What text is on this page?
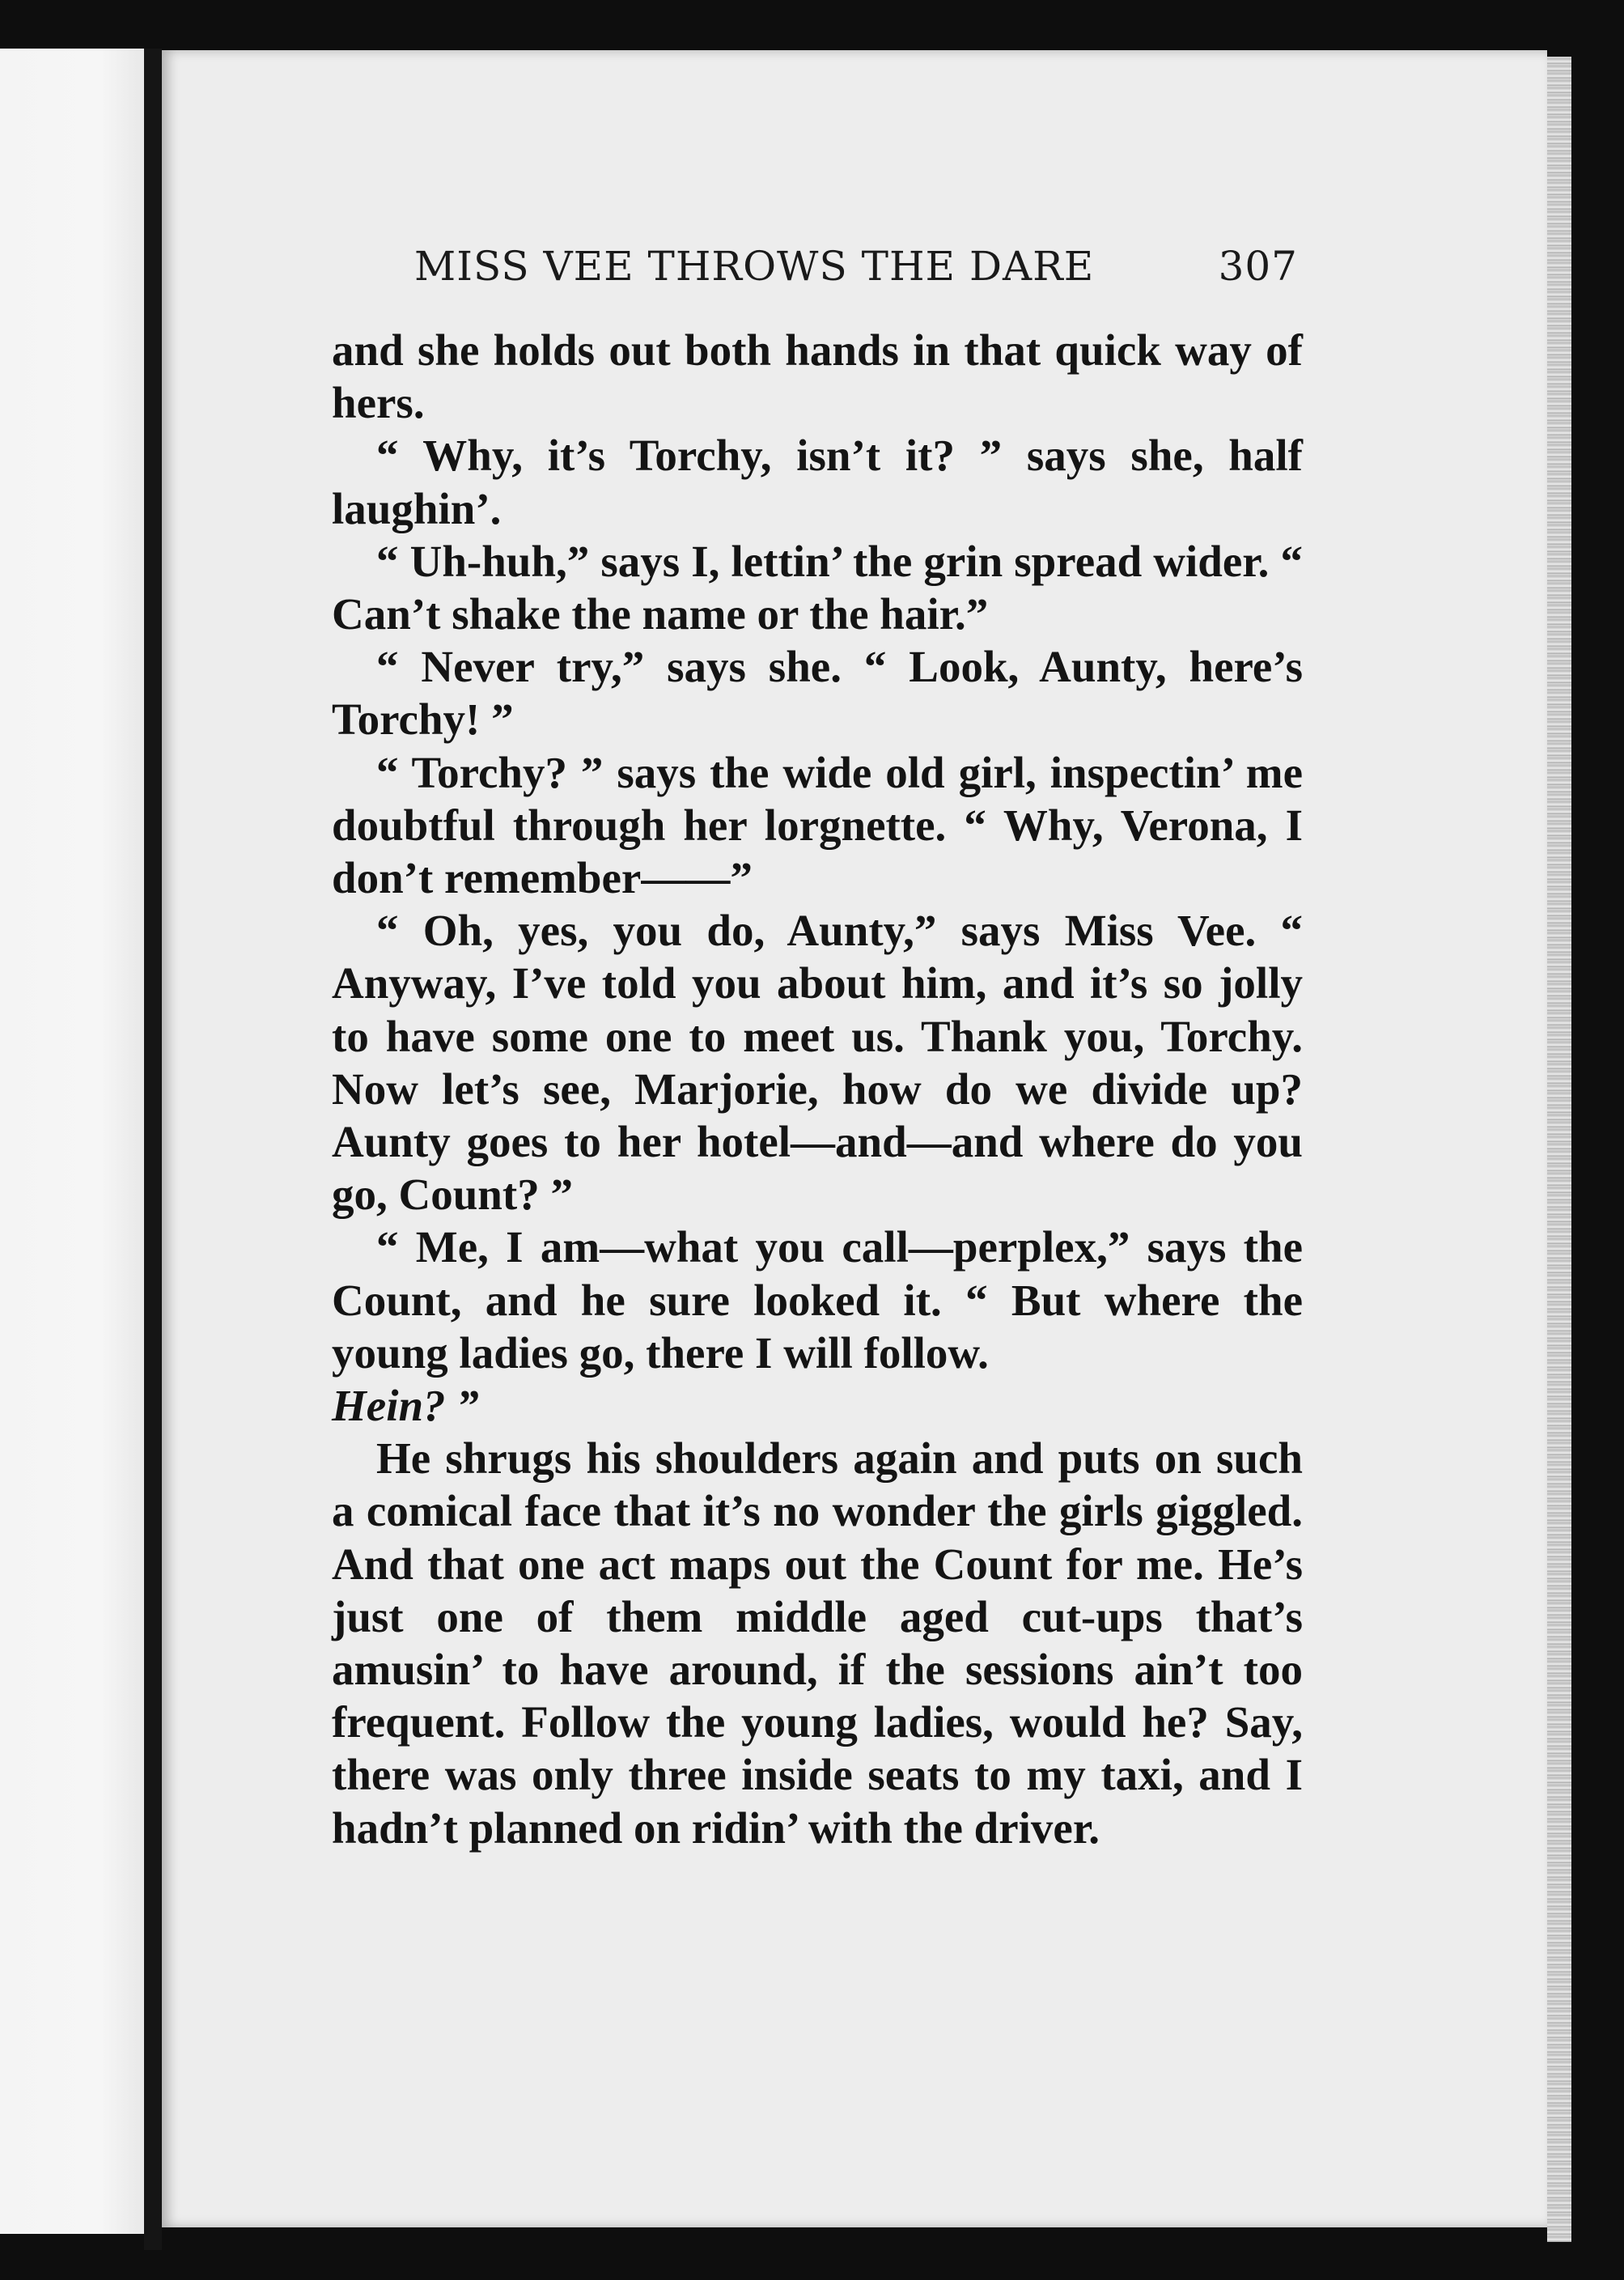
MISS VEE THROWS THE DARE	307

and she holds out both hands in that quick way of hers.

“ Why, it’s Torchy, isn’t it? ” says she, half laughin’.

“ Uh-huh,” says I, lettin’ the grin spread wider. “ Can’t shake the name or the hair.”

“ Never try,” says she. “ Look, Aunty, here’s Torchy! ”

“ Torchy? ” says the wide old girl, inspectin’ me doubtful through her lorgnette. “ Why, Verona, I don’t remember——”

“ Oh, yes, you do, Aunty,” says Miss Vee. “ Anyway, I’ve told you about him, and it’s so jolly to have some one to meet us. Thank you, Torchy. Now let’s see, Marjorie, how do we divide up? Aunty goes to her hotel—and—and where do you go, Count? ”

“ Me, I am—what you call—perplex,” says the Count, and he sure looked it. “ But where the young ladies go, there I will follow.

Hein? ”

He shrugs his shoulders again and puts on such a comical face that it’s no wonder the girls giggled. And that one act maps out the Count for me. He’s just one of them middle aged cut-ups that’s amusin’ to have around, if the sessions ain’t too frequent. Follow the young ladies, would he? Say, there was only three inside seats to my taxi, and I hadn’t planned on ridin’ with the driver.
